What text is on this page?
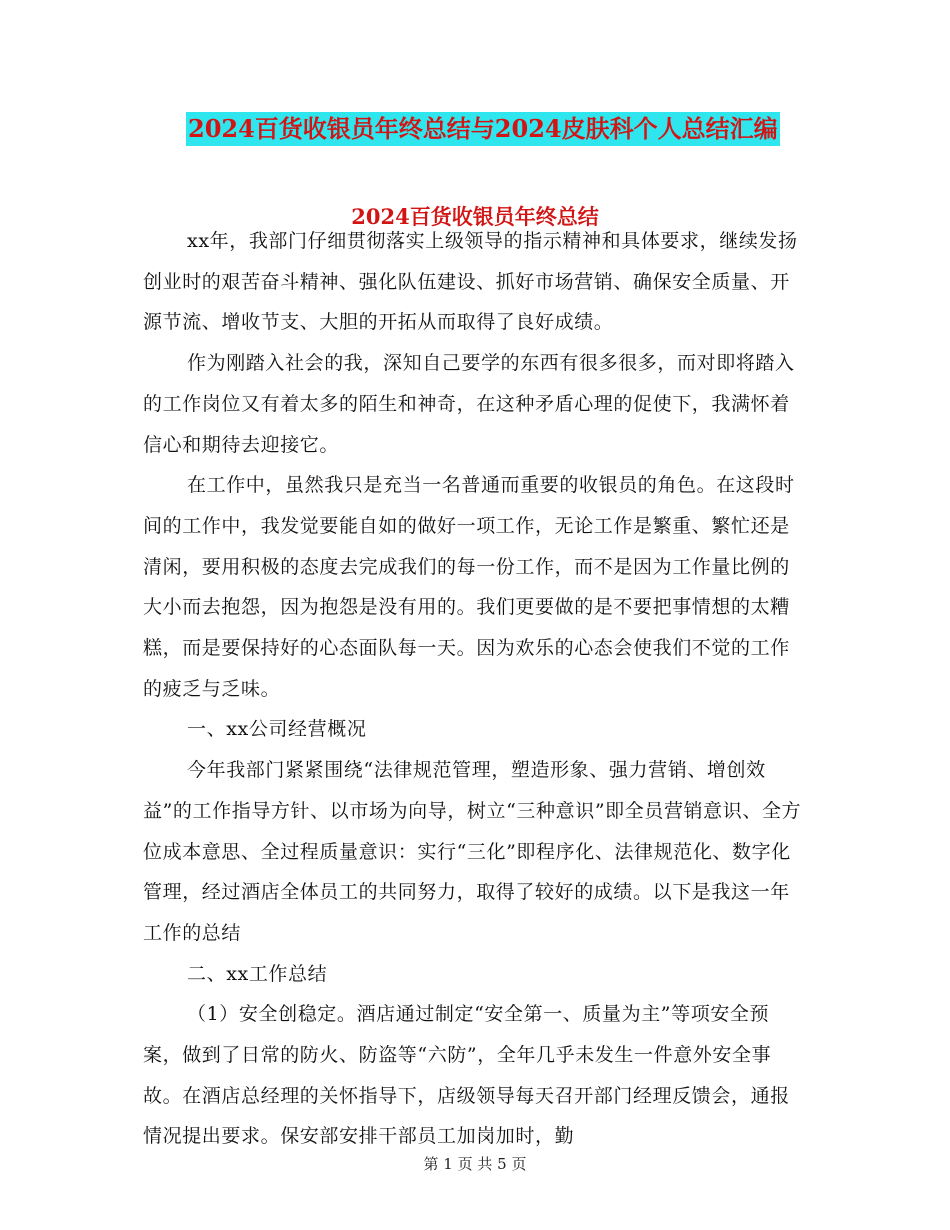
2024百货收银员年终总结与2024皮肤科个人总结汇编
2024百货收银员年终总结

xx年，我部门仔细贯彻落实上级领导的指示精神和具体要求，继续发扬创业时的艰苦奋斗精神、强化队伍建设、抓好市场营销、确保安全质量、开源节流、增收节支、大胆的开拓从而取得了良好成绩。

作为刚踏入社会的我，深知自己要学的东西有很多很多，而对即将踏入的工作岗位又有着太多的陌生和神奇，在这种矛盾心理的促使下，我满怀着信心和期待去迎接它。

在工作中，虽然我只是充当一名普通而重要的收银员的角色。在这段时间的工作中，我发觉要能自如的做好一项工作，无论工作是繁重、繁忙还是清闲，要用积极的态度去完成我们的每一份工作，而不是因为工作量比例的大小而去抱怨，因为抱怨是没有用的。我们更要做的是不要把事情想的太糟糕，而是要保持好的心态面队每一天。因为欢乐的心态会使我们不觉的工作的疲乏与乏味。

一、xx公司经营概况

今年我部门紧紧围绕“法律规范管理，塑造形象、强力营销、增创效益”的工作指导方针、以市场为向导，树立“三种意识”即全员营销意识、全方位成本意思、全过程质量意识：实行“三化”即程序化、法律规范化、数字化管理，经过酒店全体员工的共同努力，取得了较好的成绩。以下是我这一年工作的总结

二、xx工作总结

（1）安全创稳定。酒店通过制定“安全第一、质量为主”等项安全预案，做到了日常的防火、防盗等“六防”，全年几乎未发生一件意外安全事故。在酒店总经理的关怀指导下，店级领导每天召开部门经理反馈会，通报情况提出要求。保安部安排干部员工加岗加时，勤

第 1 页 共 5 页
